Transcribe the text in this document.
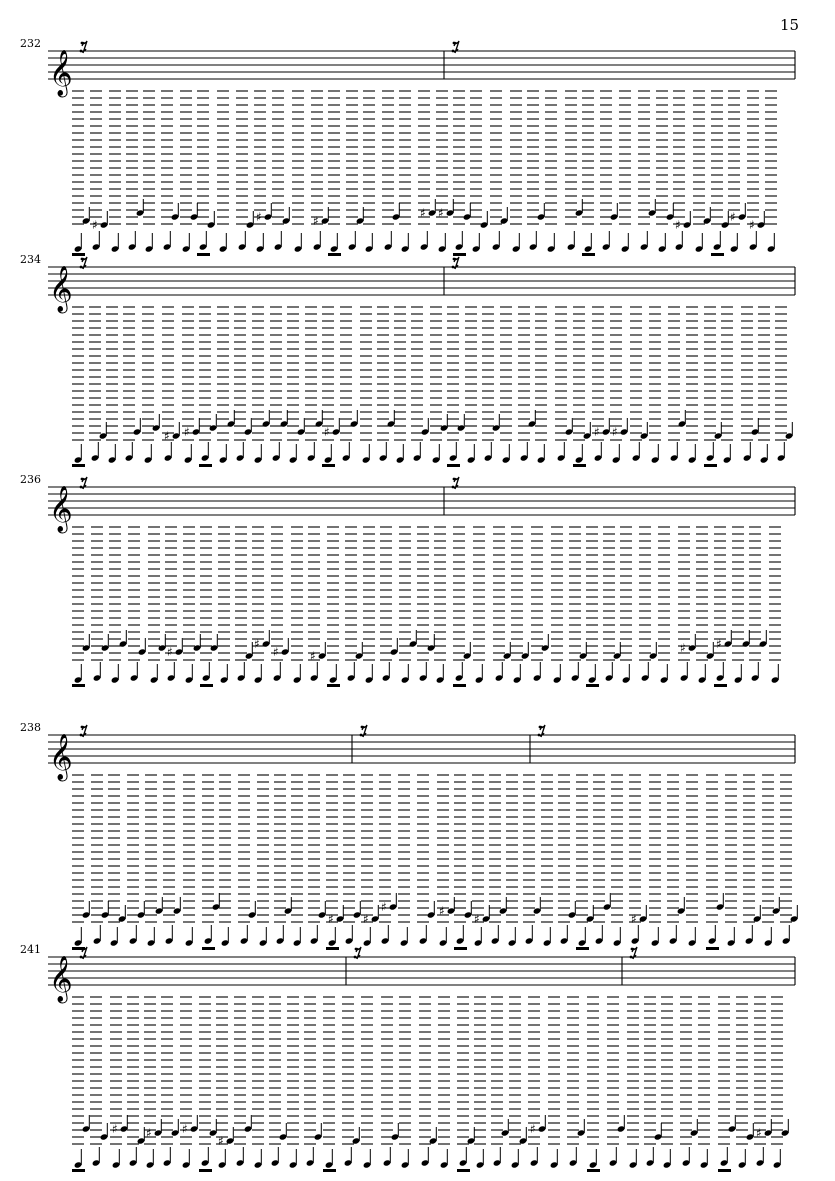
15
232
𝄞
♯
♯	♯
♯ ♯
♯
♯
♯
234
𝄞
♯ ♯	♯	♯ ♯
236
𝄞
♯
♯
♯	♯
♯	♯
238
𝄞
♯ ♯
♯	♯
♯	♯
241
𝄞
♯ ♯	♯
♯
♯	♯
